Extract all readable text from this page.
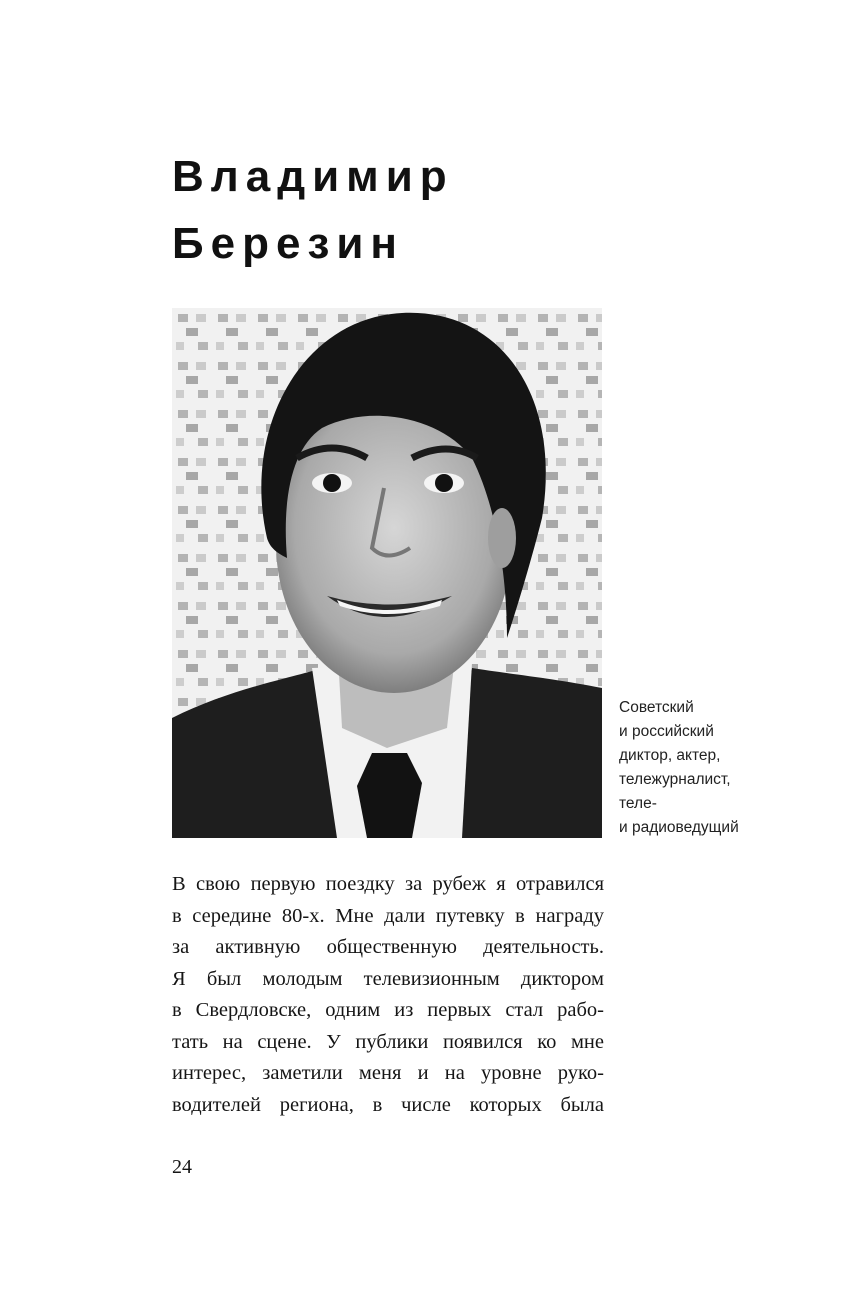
Владимир
Березин
Советский
и российский
диктор, актер,
тележурналист,
теле-
и радиоведущий
В свою первую поездку за рубеж я отравился
в середине 80-х. Мне дали путевку в награду
за активную общественную деятельность.
Я был молодым телевизионным диктором
в Свердловске, одним из первых стал рабо-
тать на сцене. У публики появился ко мне
интерес, заметили меня и на уровне руко-
водителей региона, в числе которых была
24
